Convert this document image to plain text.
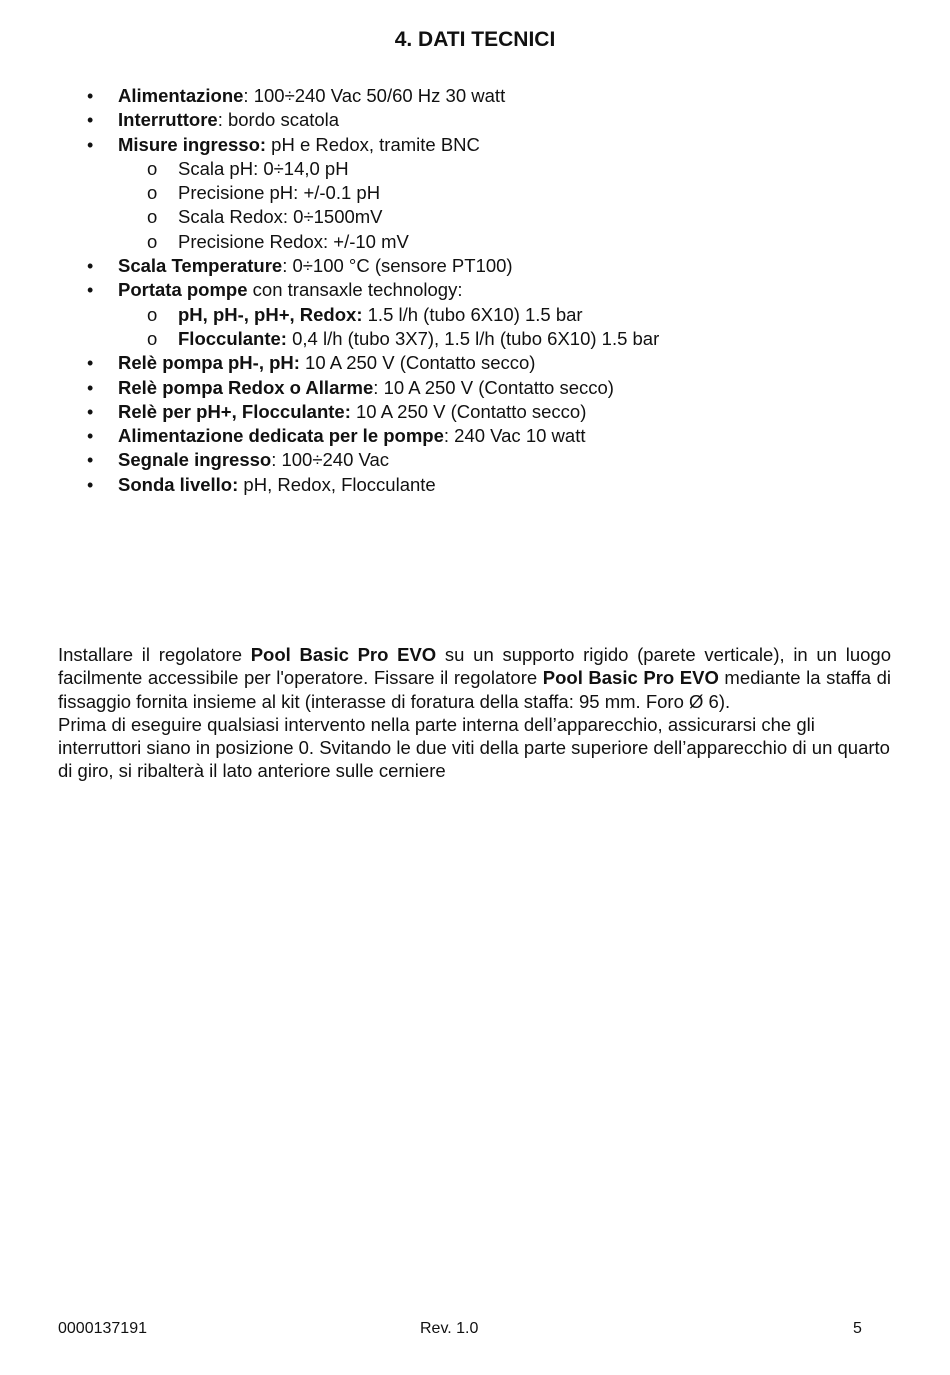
4. DATI TECNICI
• Alimentazione: 100÷240 Vac 50/60 Hz 30 watt
• Interruttore: bordo scatola
• Misure ingresso: pH e Redox, tramite BNC
o Scala pH: 0÷14,0 pH
o Precisione pH: +/-0.1 pH
o Scala Redox: 0÷1500mV
o Precisione Redox: +/-10 mV
• Scala Temperature: 0÷100 °C (sensore PT100)
• Portata pompe con transaxle technology:
o pH, pH-, pH+, Redox: 1.5 l/h (tubo 6X10) 1.5 bar
o Flocculante: 0,4 l/h (tubo 3X7), 1.5 l/h (tubo 6X10) 1.5 bar
• Relè pompa pH-, pH: 10 A 250 V (Contatto secco)
• Relè pompa Redox o Allarme: 10 A 250 V (Contatto secco)
• Relè per pH+, Flocculante: 10 A 250 V (Contatto secco)
• Alimentazione dedicata per le pompe: 240 Vac 10 watt
• Segnale ingresso: 100÷240 Vac
• Sonda livello: pH, Redox, Flocculante

Installare il regolatore Pool Basic Pro EVO su un supporto rigido (parete verticale), in un luogo facilmente accessibile per l'operatore. Fissare il regolatore Pool Basic Pro EVO mediante la staffa di fissaggio fornita insieme al kit (interasse di foratura della staffa: 95 mm. Foro Ø 6).

Prima di eseguire qualsiasi intervento nella parte interna dell’apparecchio, assicurarsi che gli interruttori siano in posizione 0. Svitando le due viti della parte superiore dell’apparecchio di un quarto di giro, si ribalterà il lato anteriore sulle cerniere

0000137191	Rev. 1.0	5
